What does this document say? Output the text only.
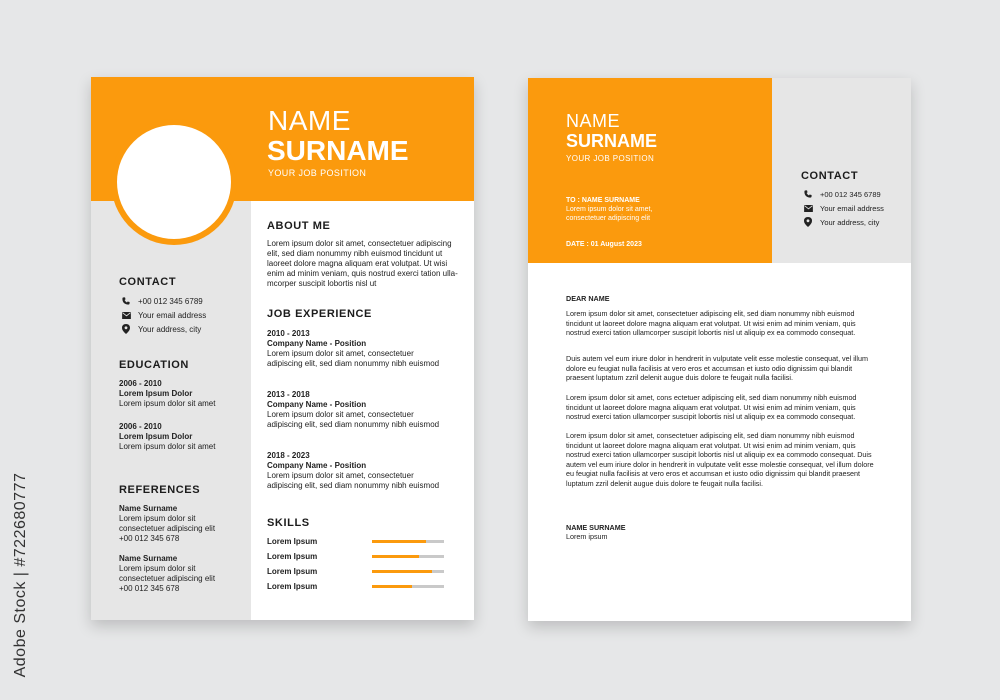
NAME
SURNAME
YOUR JOB POSITION
CONTACT
+00 012 345 6789
Your email address
Your address, city
EDUCATION
2006 - 2010
Lorem Ipsum Dolor
Lorem ipsum dolor sit amet
2006 - 2010
Lorem Ipsum Dolor
Lorem ipsum dolor sit amet
REFERENCES
Name Surname
Lorem ipsum dolor sit
consectetuer adipiscing elit
+00 012 345 678
Name Surname
Lorem ipsum dolor sit
consectetuer adipiscing elit
+00 012 345 678
ABOUT ME
Lorem ipsum dolor sit amet, consectetuer adipiscing
elit, sed diam nonummy nibh euismod tincidunt ut
laoreet dolore magna aliquam erat volutpat. Ut wisi
enim ad minim veniam, quis nostrud exerci tation ulla-
mcorper suscipit lobortis nisl ut
JOB EXPERIENCE
2010 - 2013
Company Name - Position
Lorem ipsum dolor sit amet, consectetuer
adipiscing elit, sed diam nonummy nibh euismod
2013 - 2018
Company Name - Position
Lorem ipsum dolor sit amet, consectetuer
adipiscing elit, sed diam nonummy nibh euismod
2018 - 2023
Company Name - Position
Lorem ipsum dolor sit amet, consectetuer
adipiscing elit, sed diam nonummy nibh euismod
SKILLS
Lorem Ipsum
Lorem Ipsum
Lorem Ipsum
Lorem Ipsum
NAME
SURNAME
YOUR JOB POSITION
TO : NAME SURNAME
Lorem ipsum dolor sit amet,
consectetuer adipiscing elit
DATE : 01 August 2023
CONTACT
+00 012 345 6789
Your email address
Your address, city
DEAR NAME
Lorem ipsum dolor sit amet, consectetuer adipiscing elit, sed diam nonummy nibh euismod tincidunt ut laoreet dolore magna aliquam erat volutpat. Ut wisi enim ad minim veniam, quis nostrud exerci tation ullamcorper suscipit lobortis nisl ut aliquip ex ea commodo consequat.
Duis autem vel eum iriure dolor in hendrerit in vulputate velit esse molestie consequat, vel illum dolore eu feugiat nulla facilisis at vero eros et accumsan et iusto odio dignissim qui blandit praesent luptatum zzril delenit augue duis dolore te feugait nulla facilisi.
Lorem ipsum dolor sit amet, cons ectetuer adipiscing elit, sed diam nonummy nibh euismod tincidunt ut laoreet dolore magna aliquam erat volutpat. Ut wisi enim ad minim veniam, quis nostrud exerci tation ullamcorper suscipit lobortis nisl ut aliquip ex ea commodo consequat.
Lorem ipsum dolor sit amet, consectetuer adipiscing elit, sed diam nonummy nibh euismod tincidunt ut laoreet dolore magna aliquam erat volutpat. Ut wisi enim ad minim veniam, quis nostrud exerci tation ullamcorper suscipit lobortis nisl ut aliquip ex ea commodo consequat. Duis autem vel eum iriure dolor in hendrerit in vulputate velit esse molestie consequat, vel illum dolore eu feugiat nulla facilisis at vero eros et accumsan et iusto odio dignissim qui blandit praesent luptatum zzril delenit augue duis dolore te feugait nulla facilisi.
NAME SURNAME
Lorem ipsum
Adobe Stock | #722680777
